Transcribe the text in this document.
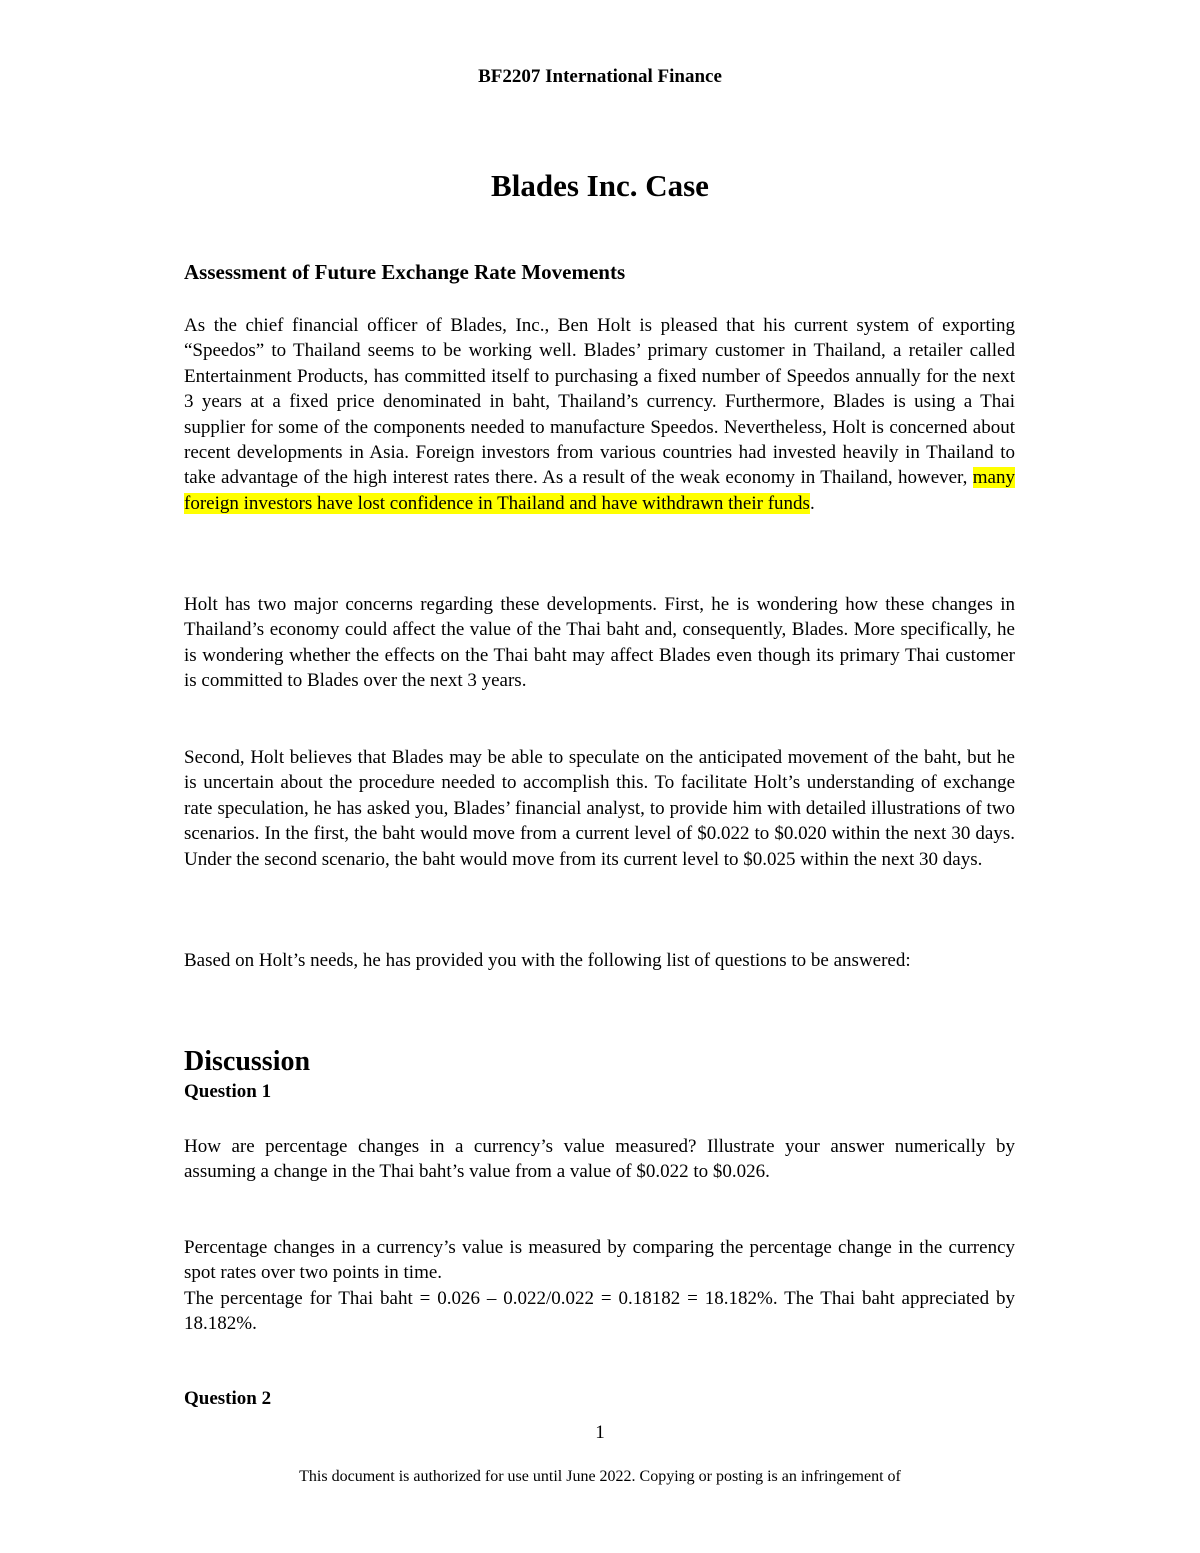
BF2207 International Finance
Blades Inc. Case

Assessment of Future Exchange Rate Movements

As the chief financial officer of Blades, Inc., Ben Holt is pleased that his current system of exporting “Speedos” to Thailand seems to be working well. Blades’ primary customer in Thailand, a retailer called Entertainment Products, has committed itself to purchasing a fixed number of Speedos annually for the next 3 years at a fixed price denominated in baht, Thailand’s currency. Furthermore, Blades is using a Thai supplier for some of the components needed to manufacture Speedos. Nevertheless, Holt is concerned about recent developments in Asia. Foreign investors from various countries had invested heavily in Thailand to take advantage of the high interest rates there. As a result of the weak economy in Thailand, however, many foreign investors have lost confidence in Thailand and have withdrawn their funds.

Holt has two major concerns regarding these developments. First, he is wondering how these changes in Thailand’s economy could affect the value of the Thai baht and, consequently, Blades. More specifically, he is wondering whether the effects on the Thai baht may affect Blades even though its primary Thai customer is committed to Blades over the next 3 years.

Second, Holt believes that Blades may be able to speculate on the anticipated movement of the baht, but he is uncertain about the procedure needed to accomplish this. To facilitate Holt’s understanding of exchange rate speculation, he has asked you, Blades’ financial analyst, to provide him with detailed illustrations of two scenarios. In the first, the baht would move from a current level of $0.022 to $0.020 within the next 30 days. Under the second scenario, the baht would move from its current level to $0.025 within the next 30 days.

Based on Holt’s needs, he has provided you with the following list of questions to be answered:

Discussion

Question 1

How are percentage changes in a currency’s value measured? Illustrate your answer numerically by assuming a change in the Thai baht’s value from a value of $0.022 to $0.026.

Percentage changes in a currency’s value is measured by comparing the percentage change in the currency spot rates over two points in time.

The percentage for Thai baht = 0.026 – 0.022/0.022 = 0.18182 = 18.182%. The Thai baht appreciated by 18.182%.

Question 2

1
This document is authorized for use until June 2022. Copying or posting is an infringement of
